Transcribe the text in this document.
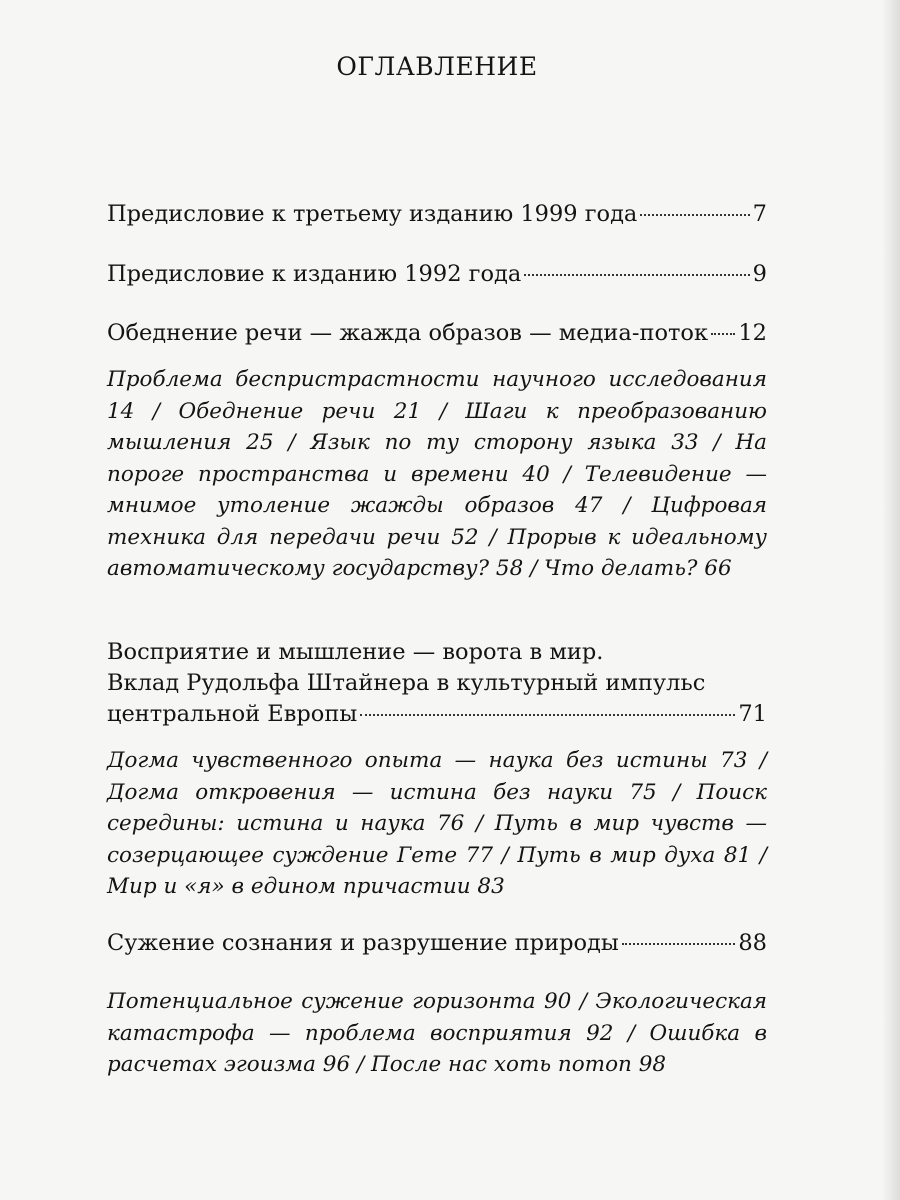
ОГЛАВЛЕНИЕ
Предисловие к третьему изданию 1999 года	7
Предисловие к изданию 1992 года	9
Обеднение речи — жажда образов — медиа-поток 12
Проблема беспристрастности научного исследования 14 / Обеднение речи 21 / Шаги к преобразованию мышления 25 / Язык по ту сторону языка 33 / На пороге пространства и времени 40 / Телевидение — мнимое утоление жажды образов 47 / Цифровая техника для передачи речи 52 / Прорыв к идеальному автоматическому государству? 58 / Что делать? 66
Восприятие и мышление — ворота в мир.
Вклад Рудольфа Штайнера в культурный импульс
центральной Европы	71
Догма чувственного опыта — наука без истины 73 / Догма откровения — истина без науки 75 / Поиск середины: истина и наука 76 / Путь в мир чувств — созерцающее суждение Гете 77 / Путь в мир духа 81 / Мир и «я» в едином причастии 83
Сужение сознания и разрушение природы	88
Потенциальное сужение горизонта 90 / Экологическая катастрофа — проблема восприятия 92 / Ошибка в расчетах эгоизма 96 / После нас хоть потоп 98
